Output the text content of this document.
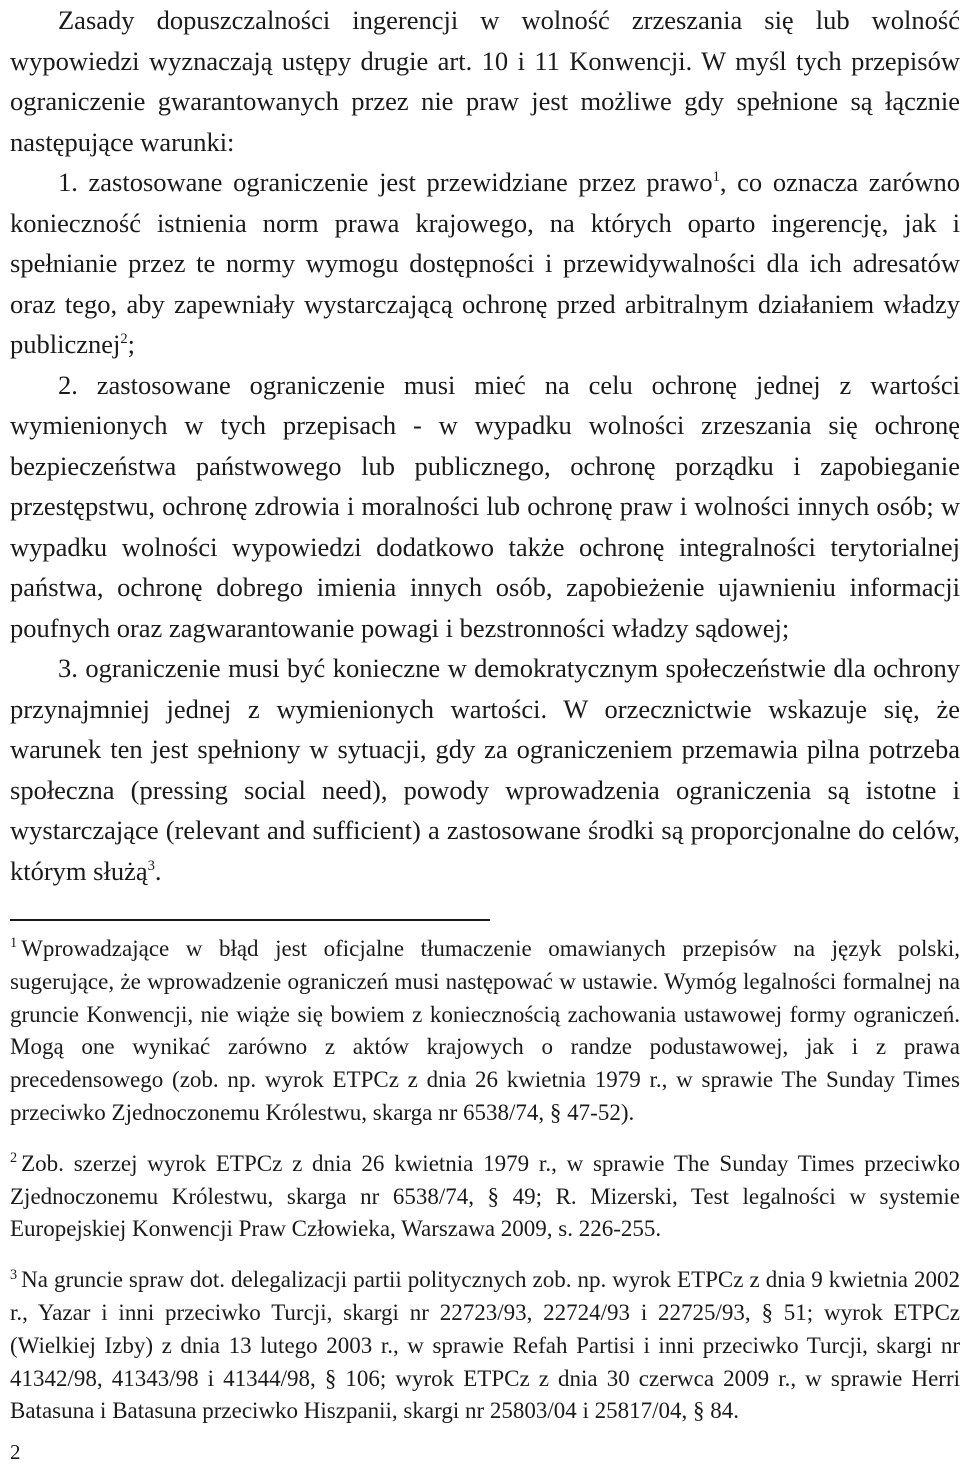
Zasady dopuszczalności ingerencji w wolność zrzeszania się lub wolność wypowiedzi wyznaczają ustępy drugie art. 10 i 11 Konwencji. W myśl tych przepisów ograniczenie gwarantowanych przez nie praw jest możliwe gdy spełnione są łącznie następujące warunki:

1. zastosowane ograniczenie jest przewidziane przez prawo$^1$, co oznacza zarówno konieczność istnienia norm prawa krajowego, na których oparto ingerencję, jak i spełnianie przez te normy wymogu dostępności i przewidywalności dla ich adresatów oraz tego, aby zapewniały wystarczającą ochronę przed arbitralnym działaniem władzy publicznej$^2$;

2. zastosowane ograniczenie musi mieć na celu ochronę jednej z wartości wymienionych w tych przepisach - w wypadku wolności zrzeszania się ochronę bezpieczeństwa państwowego lub publicznego, ochronę porządku i zapobieganie przestępstwu, ochronę zdrowia i moralności lub ochronę praw i wolności innych osób; w wypadku wolności wypowiedzi dodatkowo także ochronę integralności terytorialnej państwa, ochronę dobrego imienia innych osób, zapobieżenie ujawnieniu informacji poufnych oraz zagwarantowanie powagi i bezstronności władzy sądowej;

3. ograniczenie musi być konieczne w demokratycznym społeczeństwie dla ochrony przynajmniej jednej z wymienionych wartości. W orzecznictwie wskazuje się, że warunek ten jest spełniony w sytuacji, gdy za ograniczeniem przemawia pilna potrzeba społeczna (pressing social need), powody wprowadzenia ograniczenia są istotne i wystarczające (relevant and sufficient) a zastosowane środki są proporcjonalne do celów, którym służą$^3$.

$^1$ Wprowadzające w błąd jest oficjalne tłumaczenie omawianych przepisów na język polski, sugerujące, że wprowadzenie ograniczeń musi następować w ustawie. Wymóg legalności formalnej na gruncie Konwencji, nie wiąże się bowiem z koniecznością zachowania ustawowej formy ograniczeń. Mogą one wynikać zarówno z aktów krajowych o randze podustawowej, jak i z prawa precedensowego (zob. np. wyrok ETPCz z dnia 26 kwietnia 1979 r., w sprawie The Sunday Times przeciwko Zjednoczonemu Królestwu, skarga nr 6538/74, § 47-52).

$^2$ Zob. szerzej wyrok ETPCz z dnia 26 kwietnia 1979 r., w sprawie The Sunday Times przeciwko Zjednoczonemu Królestwu, skarga nr 6538/74, § 49; R. Mizerski, Test legalności w systemie Europejskiej Konwencji Praw Człowieka, Warszawa 2009, s. 226-255.

$^3$ Na gruncie spraw dot. delegalizacji partii politycznych zob. np. wyrok ETPCz z dnia 9 kwietnia 2002 r., Yazar i inni przeciwko Turcji, skargi nr 22723/93, 22724/93 i 22725/93, § 51; wyrok ETPCz (Wielkiej Izby) z dnia 13 lutego 2003 r., w sprawie Refah Partisi i inni przeciwko Turcji, skargi nr 41342/98, 41343/98 i 41344/98, § 106; wyrok ETPCz z dnia 30 czerwca 2009 r., w sprawie Herri Batasuna i Batasuna przeciwko Hiszpanii, skargi nr 25803/04 i 25817/04, § 84.

2
